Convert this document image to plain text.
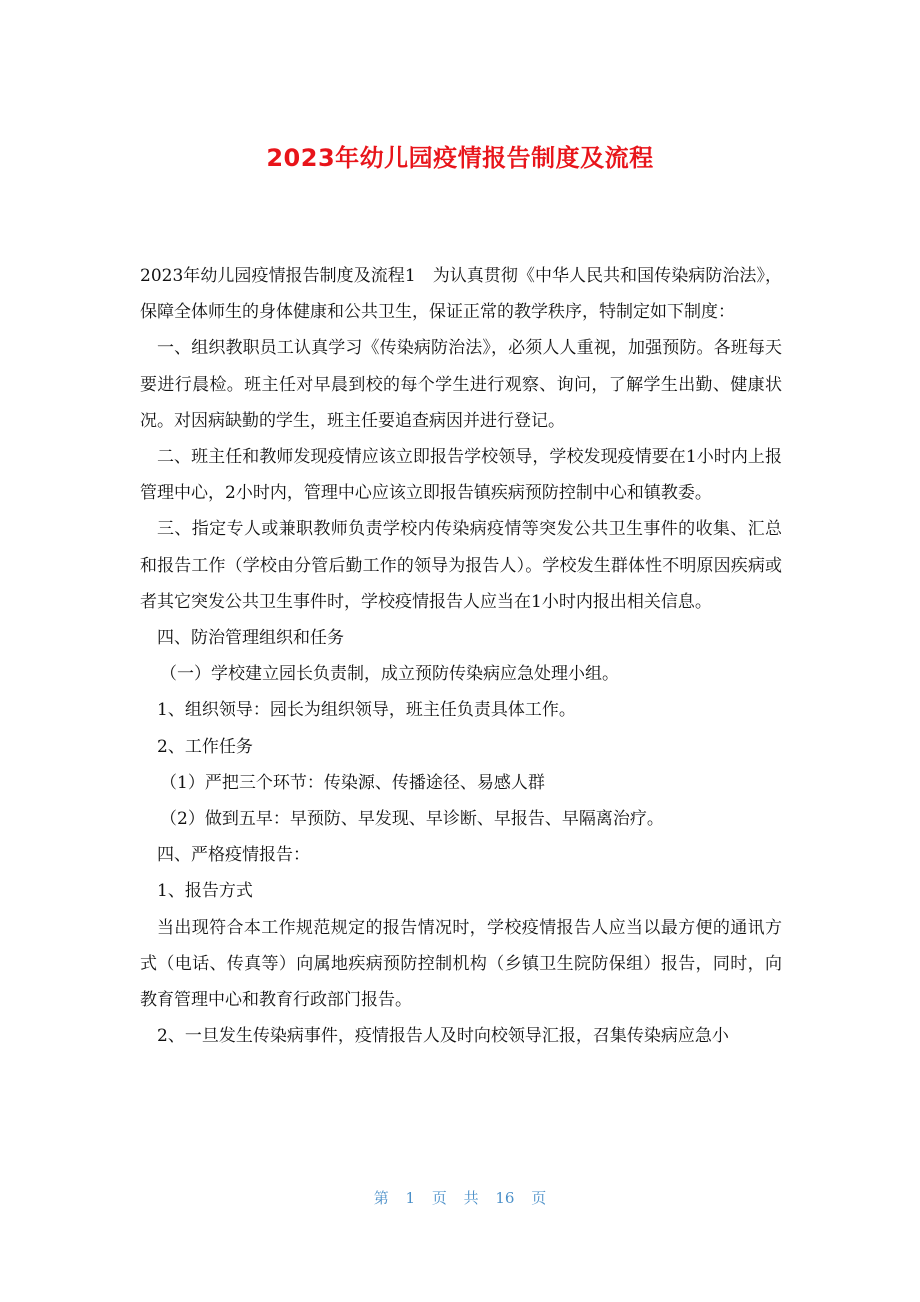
2023年幼儿园疫情报告制度及流程

2023年幼儿园疫情报告制度及流程1　为认真贯彻《中华人民共和国传染病防治法》，保障全体师生的身体健康和公共卫生，保证正常的教学秩序，特制定如下制度：

一、组织教职员工认真学习《传染病防治法》，必须人人重视，加强预防。各班每天要进行晨检。班主任对早晨到校的每个学生进行观察、询问，了解学生出勤、健康状况。对因病缺勤的学生，班主任要追查病因并进行登记。

二、班主任和教师发现疫情应该立即报告学校领导，学校发现疫情要在1小时内上报管理中心，2小时内，管理中心应该立即报告镇疾病预防控制中心和镇教委。

三、指定专人或兼职教师负责学校内传染病疫情等突发公共卫生事件的收集、汇总和报告工作（学校由分管后勤工作的领导为报告人）。学校发生群体性不明原因疾病或者其它突发公共卫生事件时，学校疫情报告人应当在1小时内报出相关信息。

四、防治管理组织和任务

（一）学校建立园长负责制，成立预防传染病应急处理小组。

1、组织领导：园长为组织领导，班主任负责具体工作。

2、工作任务

（1）严把三个环节：传染源、传播途径、易感人群

（2）做到五早：早预防、早发现、早诊断、早报告、早隔离治疗。

四、严格疫情报告：

1、报告方式

当出现符合本工作规范规定的报告情况时，学校疫情报告人应当以最方便的通讯方式（电话、传真等）向属地疾病预防控制机构（乡镇卫生院防保组）报告，同时，向教育管理中心和教育行政部门报告。

2、一旦发生传染病事件，疫情报告人及时向校领导汇报，召集传染病应急小

第 1 页 共 16 页
